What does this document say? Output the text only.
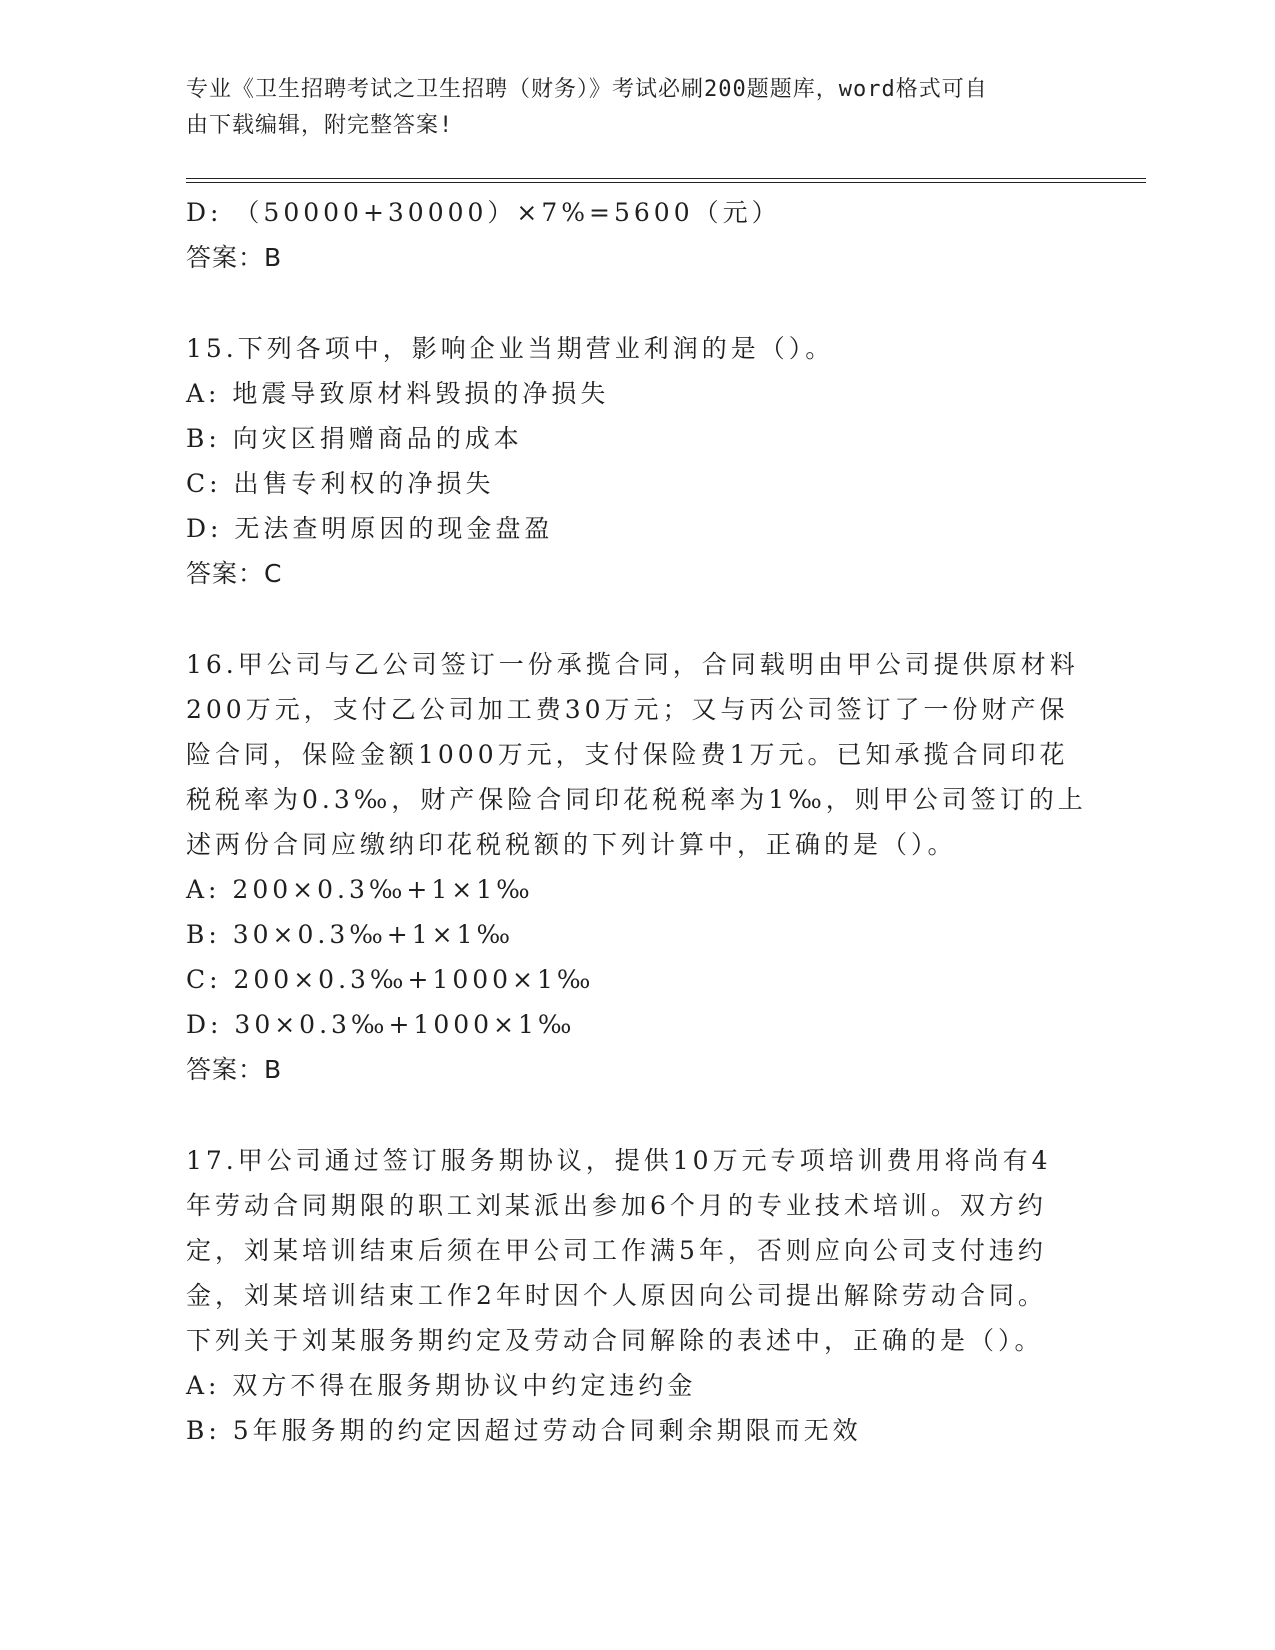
专业《卫生招聘考试之卫生招聘（财务）》考试必刷200题题库，word格式可自
由下载编辑，附完整答案!
D: （50000+30000）×7%=5600（元）
答案：B
15.下列各项中，影响企业当期营业利润的是（）。
A: 地震导致原材料毁损的净损失
B: 向灾区捐赠商品的成本
C: 出售专利权的净损失
D: 无法查明原因的现金盘盈
答案：C
16.甲公司与乙公司签订一份承揽合同，合同载明由甲公司提供原材料
200万元，支付乙公司加工费30万元；又与丙公司签订了一份财产保
险合同，保险金额1000万元，支付保险费1万元。已知承揽合同印花
税税率为0.3‰，财产保险合同印花税税率为1‰，则甲公司签订的上
述两份合同应缴纳印花税税额的下列计算中，正确的是（）。
A: 200×0.3‰+1×1‰
B: 30×0.3‰+1×1‰
C: 200×0.3‰+1000×1‰
D: 30×0.3‰+1000×1‰
答案：B
17.甲公司通过签订服务期协议，提供10万元专项培训费用将尚有4
年劳动合同期限的职工刘某派出参加6个月的专业技术培训。双方约
定，刘某培训结束后须在甲公司工作满5年，否则应向公司支付违约
金，刘某培训结束工作2年时因个人原因向公司提出解除劳动合同。
下列关于刘某服务期约定及劳动合同解除的表述中，正确的是（）。
A: 双方不得在服务期协议中约定违约金
B: 5年服务期的约定因超过劳动合同剩余期限而无效
